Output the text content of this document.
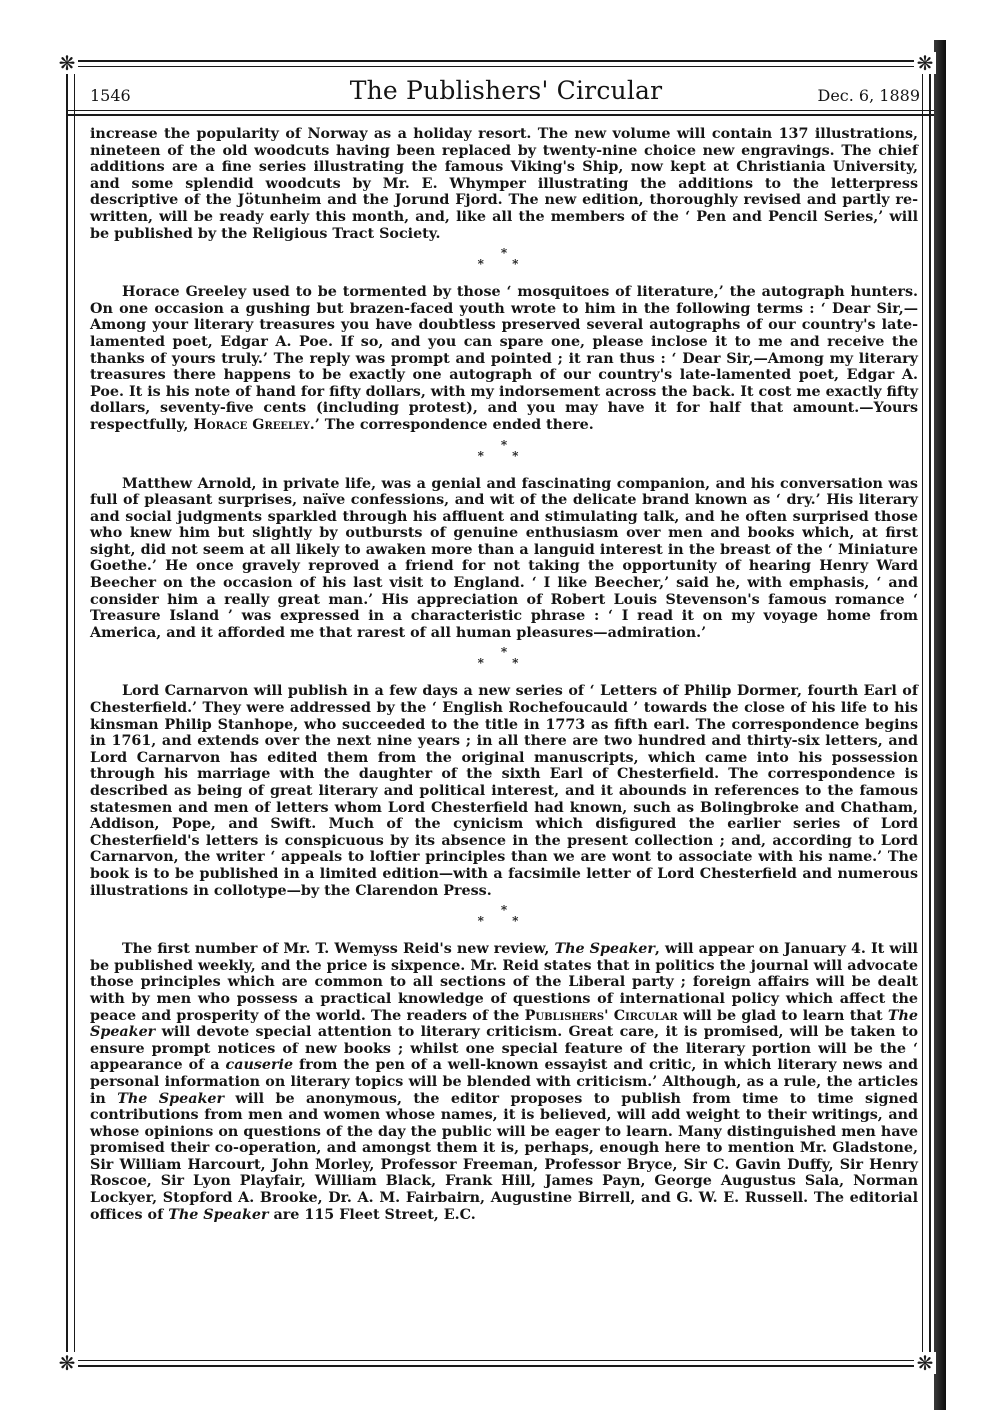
❋	❋
❋	❋
1546	The Publishers' Circular	Dec. 6, 1889

increase the popularity of Norway as a holiday resort. The new volume will contain 137 illustrations, nineteen of the old woodcuts having been replaced by twenty-nine choice new engravings. The chief additions are a fine series illustrating the famous Viking's Ship, now kept at Christiania University, and some splendid woodcuts by Mr. E. Whymper illustrating the additions to the letterpress descriptive of the Jötunheim and the Jorund Fjord. The new edition, thoroughly revised and partly re-written, will be ready early this month, and, like all the members of the ‘ Pen and Pencil Series,’ will be published by the Religious Tract Society.

*
* *

Horace Greeley used to be tormented by those ‘ mosquitoes of literature,’ the autograph hunters. On one occasion a gushing but brazen-faced youth wrote to him in the following terms : ‘ Dear Sir,—Among your literary treasures you have doubtless preserved several autographs of our country's late-lamented poet, Edgar A. Poe. If so, and you can spare one, please inclose it to me and receive the thanks of yours truly.’ The reply was prompt and pointed ; it ran thus : ‘ Dear Sir,—Among my literary treasures there happens to be exactly one autograph of our country's late-lamented poet, Edgar A. Poe. It is his note of hand for fifty dollars, with my indorsement across the back. It cost me exactly fifty dollars, seventy-five cents (including protest), and you may have it for half that amount.—Yours respectfully, Horace Greeley.’ The correspondence ended there.

*
* *

Matthew Arnold, in private life, was a genial and fascinating companion, and his conversation was full of pleasant surprises, naïve confessions, and wit of the delicate brand known as ‘ dry.’ His literary and social judgments sparkled through his affluent and stimulating talk, and he often surprised those who knew him but slightly by outbursts of genuine enthusiasm over men and books which, at first sight, did not seem at all likely to awaken more than a languid interest in the breast of the ‘ Miniature Goethe.’ He once gravely reproved a friend for not taking the opportunity of hearing Henry Ward Beecher on the occasion of his last visit to England. ‘ I like Beecher,’ said he, with emphasis, ‘ and consider him a really great man.’ His appreciation of Robert Louis Stevenson's famous romance ‘ Treasure Island ’ was expressed in a characteristic phrase : ‘ I read it on my voyage home from America, and it afforded me that rarest of all human pleasures—admiration.’

*
* *

Lord Carnarvon will publish in a few days a new series of ‘ Letters of Philip Dormer, fourth Earl of Chesterfield.’ They were addressed by the ‘ English Rochefoucauld ’ towards the close of his life to his kinsman Philip Stanhope, who succeeded to the title in 1773 as fifth earl. The correspondence begins in 1761, and extends over the next nine years ; in all there are two hundred and thirty-six letters, and Lord Carnarvon has edited them from the original manuscripts, which came into his possession through his marriage with the daughter of the sixth Earl of Chesterfield. The correspondence is described as being of great literary and political interest, and it abounds in references to the famous statesmen and men of letters whom Lord Chesterfield had known, such as Bolingbroke and Chatham, Addison, Pope, and Swift. Much of the cynicism which disfigured the earlier series of Lord Chesterfield's letters is conspicuous by its absence in the present collection ; and, according to Lord Carnarvon, the writer ‘ appeals to loftier principles than we are wont to associate with his name.’ The book is to be published in a limited edition—with a facsimile letter of Lord Chesterfield and numerous illustrations in collotype—by the Clarendon Press.

*
* *

The first number of Mr. T. Wemyss Reid's new review, The Speaker, will appear on January 4. It will be published weekly, and the price is sixpence. Mr. Reid states that in politics the journal will advocate those principles which are common to all sections of the Liberal party ; foreign affairs will be dealt with by men who possess a practical knowledge of questions of international policy which affect the peace and prosperity of the world. The readers of the Publishers' Circular will be glad to learn that The Speaker will devote special attention to literary criticism. Great care, it is promised, will be taken to ensure prompt notices of new books ; whilst one special feature of the literary portion will be the ‘ appearance of a causerie from the pen of a well-known essayist and critic, in which literary news and personal information on literary topics will be blended with criticism.’ Although, as a rule, the articles in The Speaker will be anonymous, the editor proposes to publish from time to time signed contributions from men and women whose names, it is believed, will add weight to their writings, and whose opinions on questions of the day the public will be eager to learn. Many distinguished men have promised their co-operation, and amongst them it is, perhaps, enough here to mention Mr. Gladstone, Sir William Harcourt, John Morley, Professor Freeman, Professor Bryce, Sir C. Gavin Duffy, Sir Henry Roscoe, Sir Lyon Playfair, William Black, Frank Hill, James Payn, George Augustus Sala, Norman Lockyer, Stopford A. Brooke, Dr. A. M. Fairbairn, Augustine Birrell, and G. W. E. Russell. The editorial offices of The Speaker are 115 Fleet Street, E.C.
